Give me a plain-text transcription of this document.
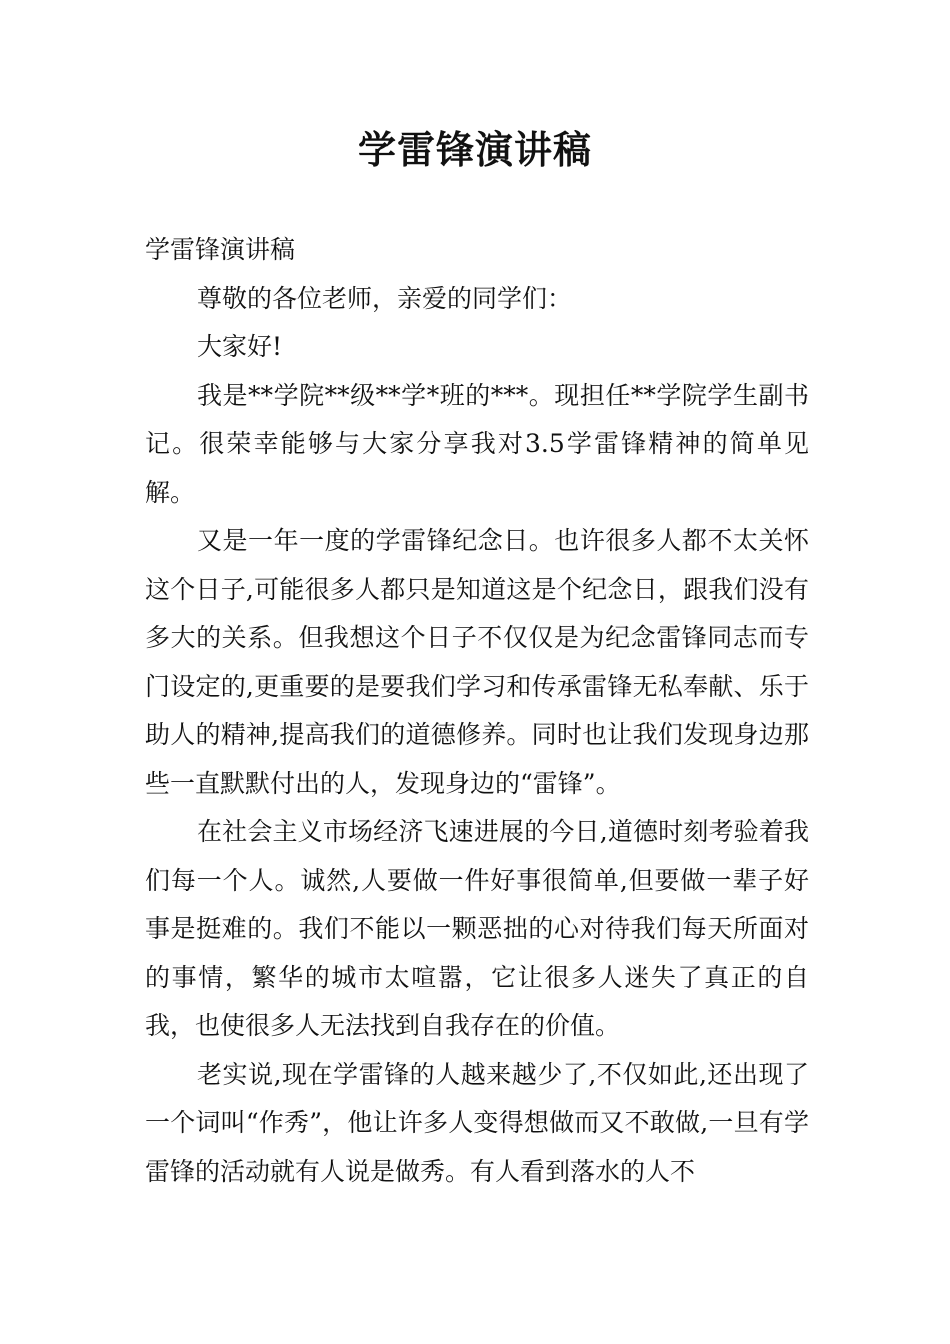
学雷锋演讲稿

学雷锋演讲稿

尊敬的各位老师，亲爱的同学们：

大家好!

我是**学院**级**学*班的***。现担任**学院学生副书记。很荣幸能够与大家分享我对3.5学雷锋精神的简单见解。

又是一年一度的学雷锋纪念日。也许很多人都不太关怀这个日子,可能很多人都只是知道这是个纪念日，跟我们没有多大的关系。但我想这个日子不仅仅是为纪念雷锋同志而专门设定的,更重要的是要我们学习和传承雷锋无私奉献、乐于助人的精神,提高我们的道德修养。同时也让我们发现身边那些一直默默付出的人，发现身边的“雷锋”。

在社会主义市场经济飞速进展的今日,道德时刻考验着我们每一个人。诚然,人要做一件好事很简单,但要做一辈子好事是挺难的。我们不能以一颗恶拙的心对待我们每天所面对的事情，繁华的城市太喧嚣，它让很多人迷失了真正的自我，也使很多人无法找到自我存在的价值。

老实说,现在学雷锋的人越来越少了,不仅如此,还出现了一个词叫“作秀”，他让许多人变得想做而又不敢做,一旦有学雷锋的活动就有人说是做秀。有人看到落水的人不
